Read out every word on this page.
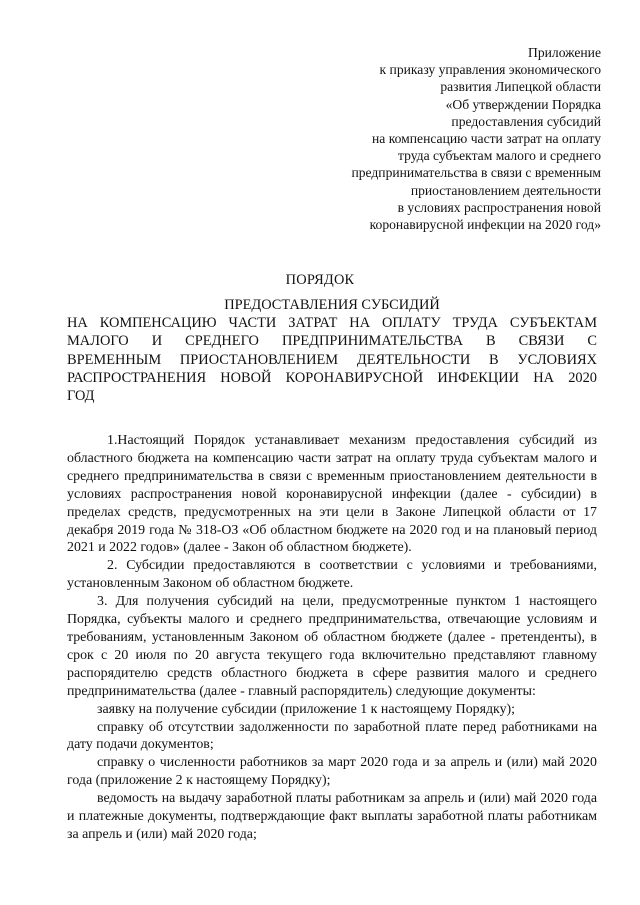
Приложение
к приказу управления экономического
развития Липецкой области
«Об утверждении Порядка
предоставления субсидий
на компенсацию части затрат на оплату
труда субъектам малого и среднего
предпринимательства в связи с временным
приостановлением деятельности
в условиях распространения новой
коронавирусной инфекции на 2020 год»
ПОРЯДОК
ПРЕДОСТАВЛЕНИЯ СУБСИДИЙ
НА КОМПЕНСАЦИЮ ЧАСТИ ЗАТРАТ НА ОПЛАТУ ТРУДА СУБЪЕКТАМ
МАЛОГО И СРЕДНЕГО ПРЕДПРИНИМАТЕЛЬСТВА В СВЯЗИ С
ВРЕМЕННЫМ ПРИОСТАНОВЛЕНИЕМ ДЕЯТЕЛЬНОСТИ В УСЛОВИЯХ
РАСПРОСТРАНЕНИЯ НОВОЙ КОРОНАВИРУСНОЙ ИНФЕКЦИИ НА 2020
ГОД

1.Настоящий Порядок устанавливает механизм предоставления субсидий из областного бюджета на компенсацию части затрат на оплату труда субъектам малого и среднего предпринимательства в связи с временным приостановлением деятельности в условиях распространения новой коронавирусной инфекции (далее - субсидии) в пределах средств, предусмотренных на эти цели в Законе Липецкой области от 17 декабря 2019 года № 318-ОЗ «Об областном бюджете на 2020 год и на плановый период 2021 и 2022 годов» (далее - Закон об областном бюджете).

2. Субсидии предоставляются в соответствии с условиями и требованиями, установленным Законом об областном бюджете.

3. Для получения субсидий на цели, предусмотренные пунктом 1 настоящего Порядка, субъекты малого и среднего предпринимательства, отвечающие условиям и требованиям, установленным Законом об областном бюджете (далее - претенденты), в срок с 20 июля по 20 августа текущего года включительно представляют главному распорядителю средств областного бюджета в сфере развития малого и среднего предпринимательства (далее - главный распорядитель) следующие документы:

заявку на получение субсидии (приложение 1 к настоящему Порядку);

справку об отсутствии задолженности по заработной плате перед работниками на дату подачи документов;

справку о численности работников за март 2020 года и за апрель и (или) май 2020 года (приложение 2 к настоящему Порядку);

ведомость на выдачу заработной платы работникам за апрель и (или) май 2020 года и платежные документы, подтверждающие факт выплаты заработной платы работникам за апрель и (или) май 2020 года;
